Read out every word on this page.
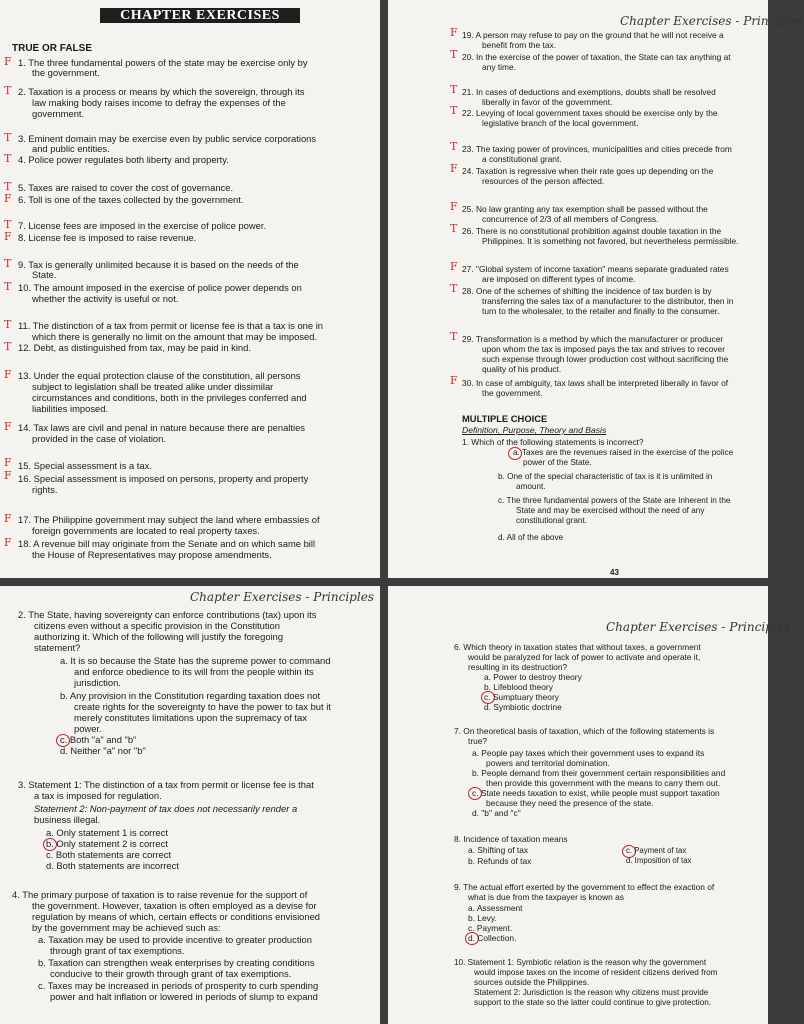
CHAPTER EXERCISES
TRUE OR FALSE
F 1. The three fundamental powers of the state may be exercise only by
the government.
T 2. Taxation is a process or means by which the sovereign, through its
law making body raises income to defray the expenses of the
government.
T 3. Eminent domain may be exercise even by public service corporations
and public entities.
T 4. Police power regulates both liberty and property.
T 5. Taxes are raised to cover the cost of governance.
F 6. Toll is one of the taxes collected by the government.
T 7. License fees are imposed in the exercise of police power.
F 8. License fee is imposed to raise revenue.
T 9. Tax is generally unlimited because it is based on the needs of the
State.
T 10. The amount imposed in the exercise of police power depends on
whether the activity is useful or not.
T 11. The distinction of a tax from permit or license fee is that a tax is one in
which there is generally no limit on the amount that may be imposed.
T 12. Debt, as distinguished from tax, may be paid in kind.
F 13. Under the equal protection clause of the constitution, all persons
subject to legislation shall be treated alike under dissimilar
circumstances and conditions, both in the privileges conferred and
liabilities imposed.
F 14. Tax laws are civil and penal in nature because there are penalties
provided in the case of violation.
F 15. Special assessment is a tax.
F 16. Special assessment is imposed on persons, property and property
rights.
F 17. The Philippine government may subject the land where embassies of
foreign governments are located to real property taxes.
F 18. A revenue bill may originate from the Senate and on which same bill
the House of Representatives may propose amendments.
Chapter Exercises - Principles
F 19. A person may refuse to pay on the ground that he will not receive a
benefit from the tax.
T 20. In the exercise of the power of taxation, the State can tax anything at
any time.
T 21. In cases of deductions and exemptions, doubts shall be resolved
liberally in favor of the government.
T 22. Levying of local government taxes should be exercise only by the
legislative branch of the local government.
T 23. The taxing power of provinces, municipalities and cities precede from
a constitutional grant.
F 24. Taxation is regressive when their rate goes up depending on the
resources of the person affected.
F 25. No law granting any tax exemption shall be passed without the
concurrence of 2/3 of all members of Congress.
T 26. There is no constitutional prohibition against double taxation in the
Philippines. It is something not favored, but nevertheless permissible.
F 27. "Global system of income taxation" means separate graduated rates
are imposed on different types of income.
T 28. One of the schemes of shifting the incidence of tax burden is by
transferring the sales tax of a manufacturer to the distributor, then in
turn to the wholesaler, to the retailer and finally to the consumer.
T 29. Transformation is a method by which the manufacturer or producer
upon whom the tax is imposed pays the tax and strives to recover
such expense through lower production cost without sacrificing the
quality of his product.
F 30. In case of ambiguity, tax laws shall be interpreted liberally in favor of
the government.
MULTIPLE CHOICE
Definition, Purpose, Theory and Basis
1. Which of the following statements is incorrect?
a. Taxes are the revenues raised in the exercise of the police
power of the State.
b. One of the special characteristic of tax is it is unlimited in
amount.
c. The three fundamental powers of the State are Inherent in the
State and may be exercised without the need of any
constitutional grant.
d. All of the above
43
Chapter Exercises - Principles
2. The State, having sovereignty can enforce contributions (tax) upon its
citizens even without a specific provision in the Constitution
authorizing it. Which of the following will justify the foregoing
statement?
a. It is so because the State has the supreme power to command
and enforce obedience to its will from the people within its
jurisdiction.
b. Any provision in the Constitution regarding taxation does not
create rights for the sovereignty to have the power to tax but it
merely constitutes limitations upon the supremacy of tax
power.
c. Both "a" and "b"
d. Neither "a" nor "b"
3. Statement 1: The distinction of a tax from permit or license fee is that
a tax is imposed for regulation.
Statement 2: Non-payment of tax does not necessarily render a
business illegal.
a. Only statement 1 is correct
b. Only statement 2 is correct
c. Both statements are correct
d. Both statements are incorrect
4. The primary purpose of taxation is to raise revenue for the support of
the government. However, taxation is often employed as a devise for
regulation by means of which, certain effects or conditions envisioned
by the government may be achieved such as:
a. Taxation may be used to provide incentive to greater production
through grant of tax exemptions.
b. Taxation can strengthen weak enterprises by creating conditions
conducive to their growth through grant of tax exemptions.
c. Taxes may be increased in periods of prosperity to curb spending
power and halt inflation or lowered in periods of slump to expand
Chapter Exercises - Principles
6. Which theory in taxation states that without taxes, a government
would be paralyzed for lack of power to activate and operate it,
resulting in its destruction?
a. Power to destroy theory
b. Lifeblood theory
c. Sumptuary theory
d. Symbiotic doctrine
7. On theoretical basis of taxation, which of the following statements is
true?
a. People pay taxes which their government uses to expand its
powers and territorial domination.
b. People demand from their government certain responsibilities and
then provide this government with the means to carry them out.
c. State needs taxation to exist, while people must support taxation
because they need the presence of the state.
d. "b" and "c"
8. Incidence of taxation means
a. Shifting of tax
b. Refunds of tax
c. Payment of tax
d. Imposition of tax
9. The actual effort exerted by the government to effect the exaction of
what is due from the taxpayer is known as
a. Assessment
b. Levy.
c. Payment.
d. Collection.
10. Statement 1: Symbiotic relation is the reason why the government
would impose taxes on the income of resident citizens derived from
sources outside the Philippines.
Statement 2: Jurisdiction is the reason why citizens must provide
support to the state so the latter could continue to give protection.
